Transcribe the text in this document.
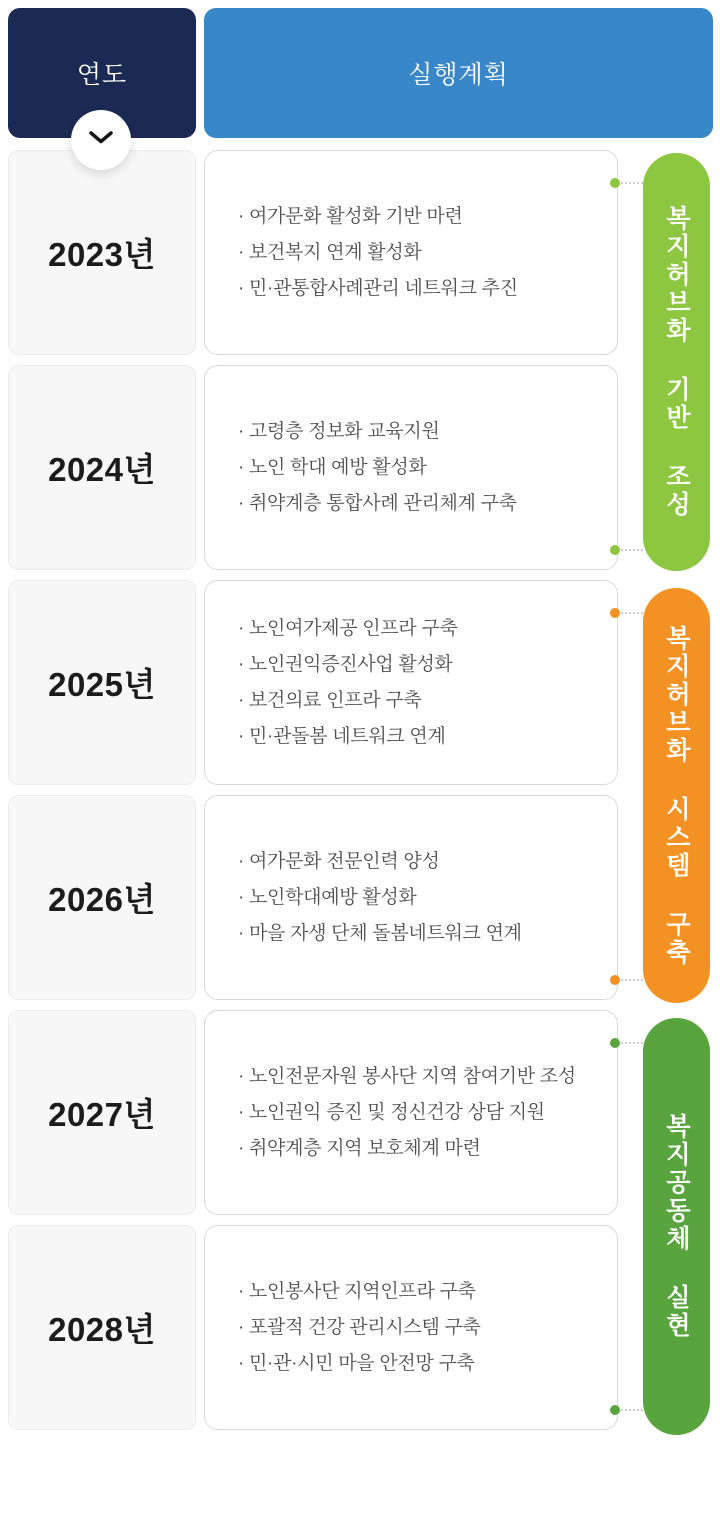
연도	실행계획
2023년
· 여가문화 활성화 기반 마련
· 보건복지 연계 활성화
· 민·관통합사례관리 네트워크 추진
2024년
· 고령층 정보화 교육지원
· 노인 학대 예방 활성화
· 취약계층 통합사례 관리체계 구축
2025년
· 노인여가제공 인프라 구축
· 노인권익증진사업 활성화
· 보건의료 인프라 구축
· 민·관돌봄 네트워크 연계
2026년
· 여가문화 전문인력 양성
· 노인학대예방 활성화
· 마을 자생 단체 돌봄네트워크 연계
2027년
· 노인전문자원 봉사단 지역 참여기반 조성
· 노인권익 증진 및 정신건강 상담 지원
· 취약계층 지역 보호체계 마련
2028년
· 노인봉사단 지역인프라 구축
· 포괄적 건강 관리시스템 구축
· 민·관·시민 마을 안전망 구축
복지허브화 기반 조성
복지허브화 시스템 구축
복지공동체 실현
